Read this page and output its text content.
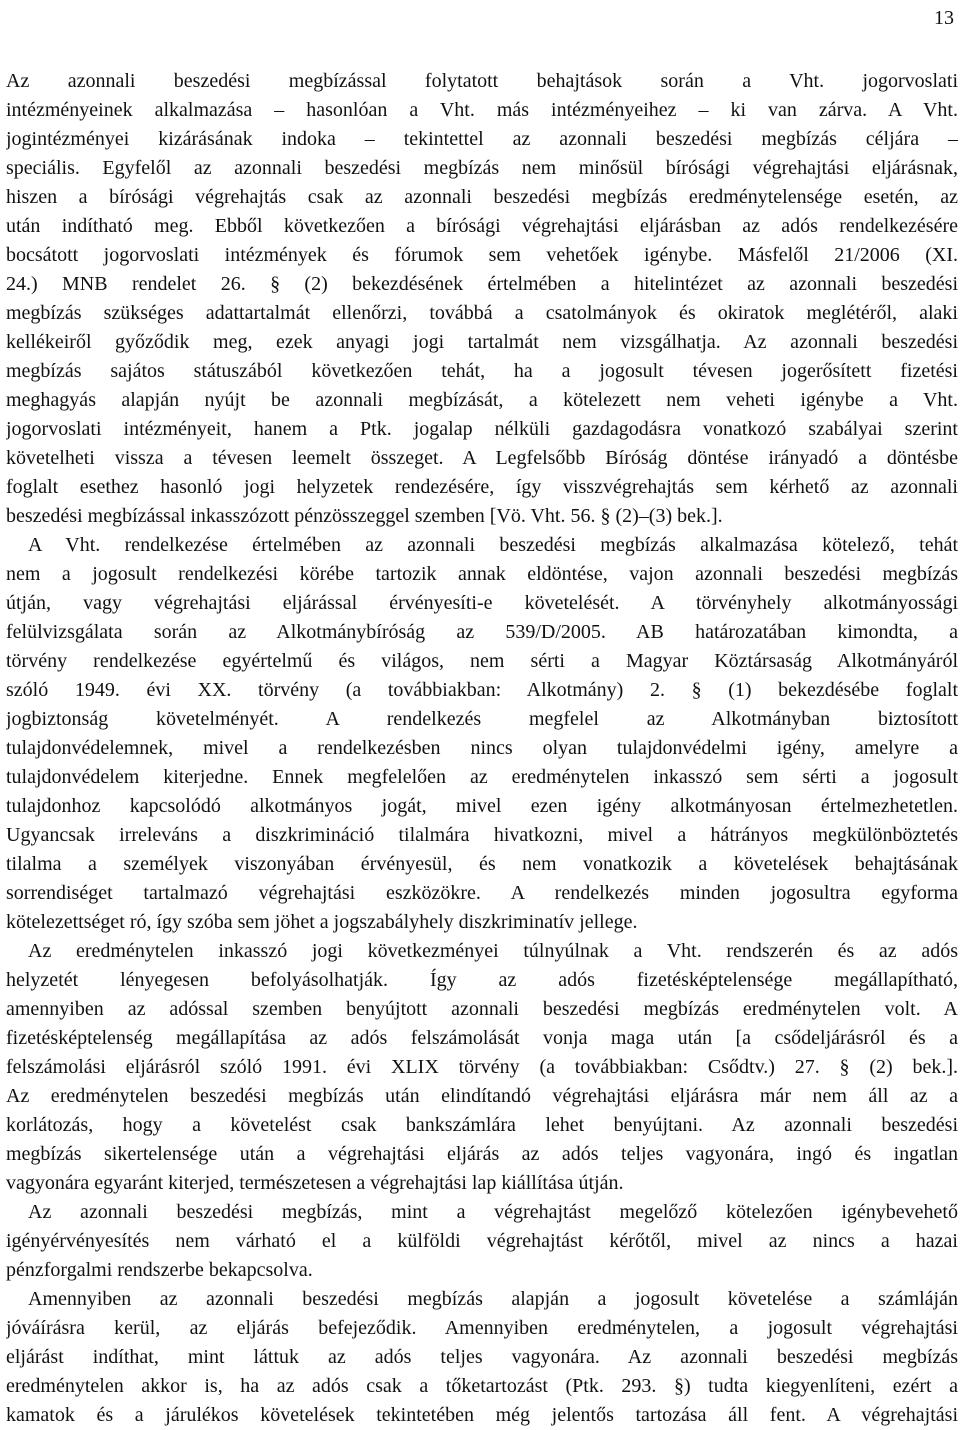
13
Az azonnali beszedési megbízással folytatott behajtások során a Vht. jogorvoslati
intézményeinek alkalmazása – hasonlóan a Vht. más intézményeihez – ki van zárva. A Vht.
jogintézményei kizárásának indoka – tekintettel az azonnali beszedési megbízás céljára –
speciális. Egyfelől az azonnali beszedési megbízás nem minősül bírósági végrehajtási eljárásnak,
hiszen a bírósági végrehajtás csak az azonnali beszedési megbízás eredménytelensége esetén, az
után indítható meg. Ebből következően a bírósági végrehajtási eljárásban az adós rendelkezésére
bocsátott jogorvoslati intézmények és fórumok sem vehetőek igénybe. Másfelől 21/2006 (XI.
24.) MNB rendelet 26. § (2) bekezdésének értelmében a hitelintézet az azonnali beszedési
megbízás szükséges adattartalmát ellenőrzi, továbbá a csatolmányok és okiratok meglétéről, alaki
kellékeiről győződik meg, ezek anyagi jogi tartalmát nem vizsgálhatja. Az azonnali beszedési
megbízás sajátos státuszából következően tehát, ha a jogosult tévesen jogerősített fizetési
meghagyás alapján nyújt be azonnali megbízását, a kötelezett nem veheti igénybe a Vht.
jogorvoslati intézményeit, hanem a Ptk. jogalap nélküli gazdagodásra vonatkozó szabályai szerint
követelheti vissza a tévesen leemelt összeget. A Legfelsőbb Bíróság döntése irányadó a döntésbe
foglalt esethez hasonló jogi helyzetek rendezésére, így visszvégrehajtás sem kérhető az azonnali
beszedési megbízással inkasszózott pénzösszeggel szemben [Vö. Vht. 56. § (2)–(3) bek.].
A Vht. rendelkezése értelmében az azonnali beszedési megbízás alkalmazása kötelező, tehát
nem a jogosult rendelkezési körébe tartozik annak eldöntése, vajon azonnali beszedési megbízás
útján, vagy végrehajtási eljárással érvényesíti-e követelését. A törvényhely alkotmányossági
felülvizsgálata során az Alkotmánybíróság az 539/D/2005. AB határozatában kimondta, a
törvény rendelkezése egyértelmű és világos, nem sérti a Magyar Köztársaság Alkotmányáról
szóló 1949. évi XX. törvény (a továbbiakban: Alkotmány) 2. § (1) bekezdésébe foglalt
jogbiztonság követelményét. A rendelkezés megfelel az Alkotmányban biztosított
tulajdonvédelemnek, mivel a rendelkezésben nincs olyan tulajdonvédelmi igény, amelyre a
tulajdonvédelem kiterjedne. Ennek megfelelően az eredménytelen inkasszó sem sérti a jogosult
tulajdonhoz kapcsolódó alkotmányos jogát, mivel ezen igény alkotmányosan értelmezhetetlen.
Ugyancsak irreleváns a diszkrimináció tilalmára hivatkozni, mivel a hátrányos megkülönböztetés
tilalma a személyek viszonyában érvényesül, és nem vonatkozik a követelések behajtásának
sorrendiséget tartalmazó végrehajtási eszközökre. A rendelkezés minden jogosultra egyforma
kötelezettséget ró, így szóba sem jöhet a jogszabályhely diszkriminatív jellege.
Az eredménytelen inkasszó jogi következményei túlnyúlnak a Vht. rendszerén és az adós
helyzetét lényegesen befolyásolhatják. Így az adós fizetésképtelensége megállapítható,
amennyiben az adóssal szemben benyújtott azonnali beszedési megbízás eredménytelen volt. A
fizetésképtelenség megállapítása az adós felszámolását vonja maga után [a csődeljárásról és a
felszámolási eljárásról szóló 1991. évi XLIX törvény (a továbbiakban: Csődtv.) 27. § (2) bek.].
Az eredménytelen beszedési megbízás után elindítandó végrehajtási eljárásra már nem áll az a
korlátozás, hogy a követelést csak bankszámlára lehet benyújtani. Az azonnali beszedési
megbízás sikertelensége után a végrehajtási eljárás az adós teljes vagyonára, ingó és ingatlan
vagyonára egyaránt kiterjed, természetesen a végrehajtási lap kiállítása útján.
Az azonnali beszedési megbízás, mint a végrehajtást megelőző kötelezően igénybevehető
igényérvényesítés nem várható el a külföldi végrehajtást kérőtől, mivel az nincs a hazai
pénzforgalmi rendszerbe bekapcsolva.
Amennyiben az azonnali beszedési megbízás alapján a jogosult követelése a számláján
jóváírásra kerül, az eljárás befejeződik. Amennyiben eredménytelen, a jogosult végrehajtási
eljárást indíthat, mint láttuk az adós teljes vagyonára. Az azonnali beszedési megbízás
eredménytelen akkor is, ha az adós csak a tőketartozást (Ptk. 293. §) tudta kiegyenlíteni, ezért a
kamatok és a járulékos követelések tekintetében még jelentős tartozása áll fent. A végrehajtási
